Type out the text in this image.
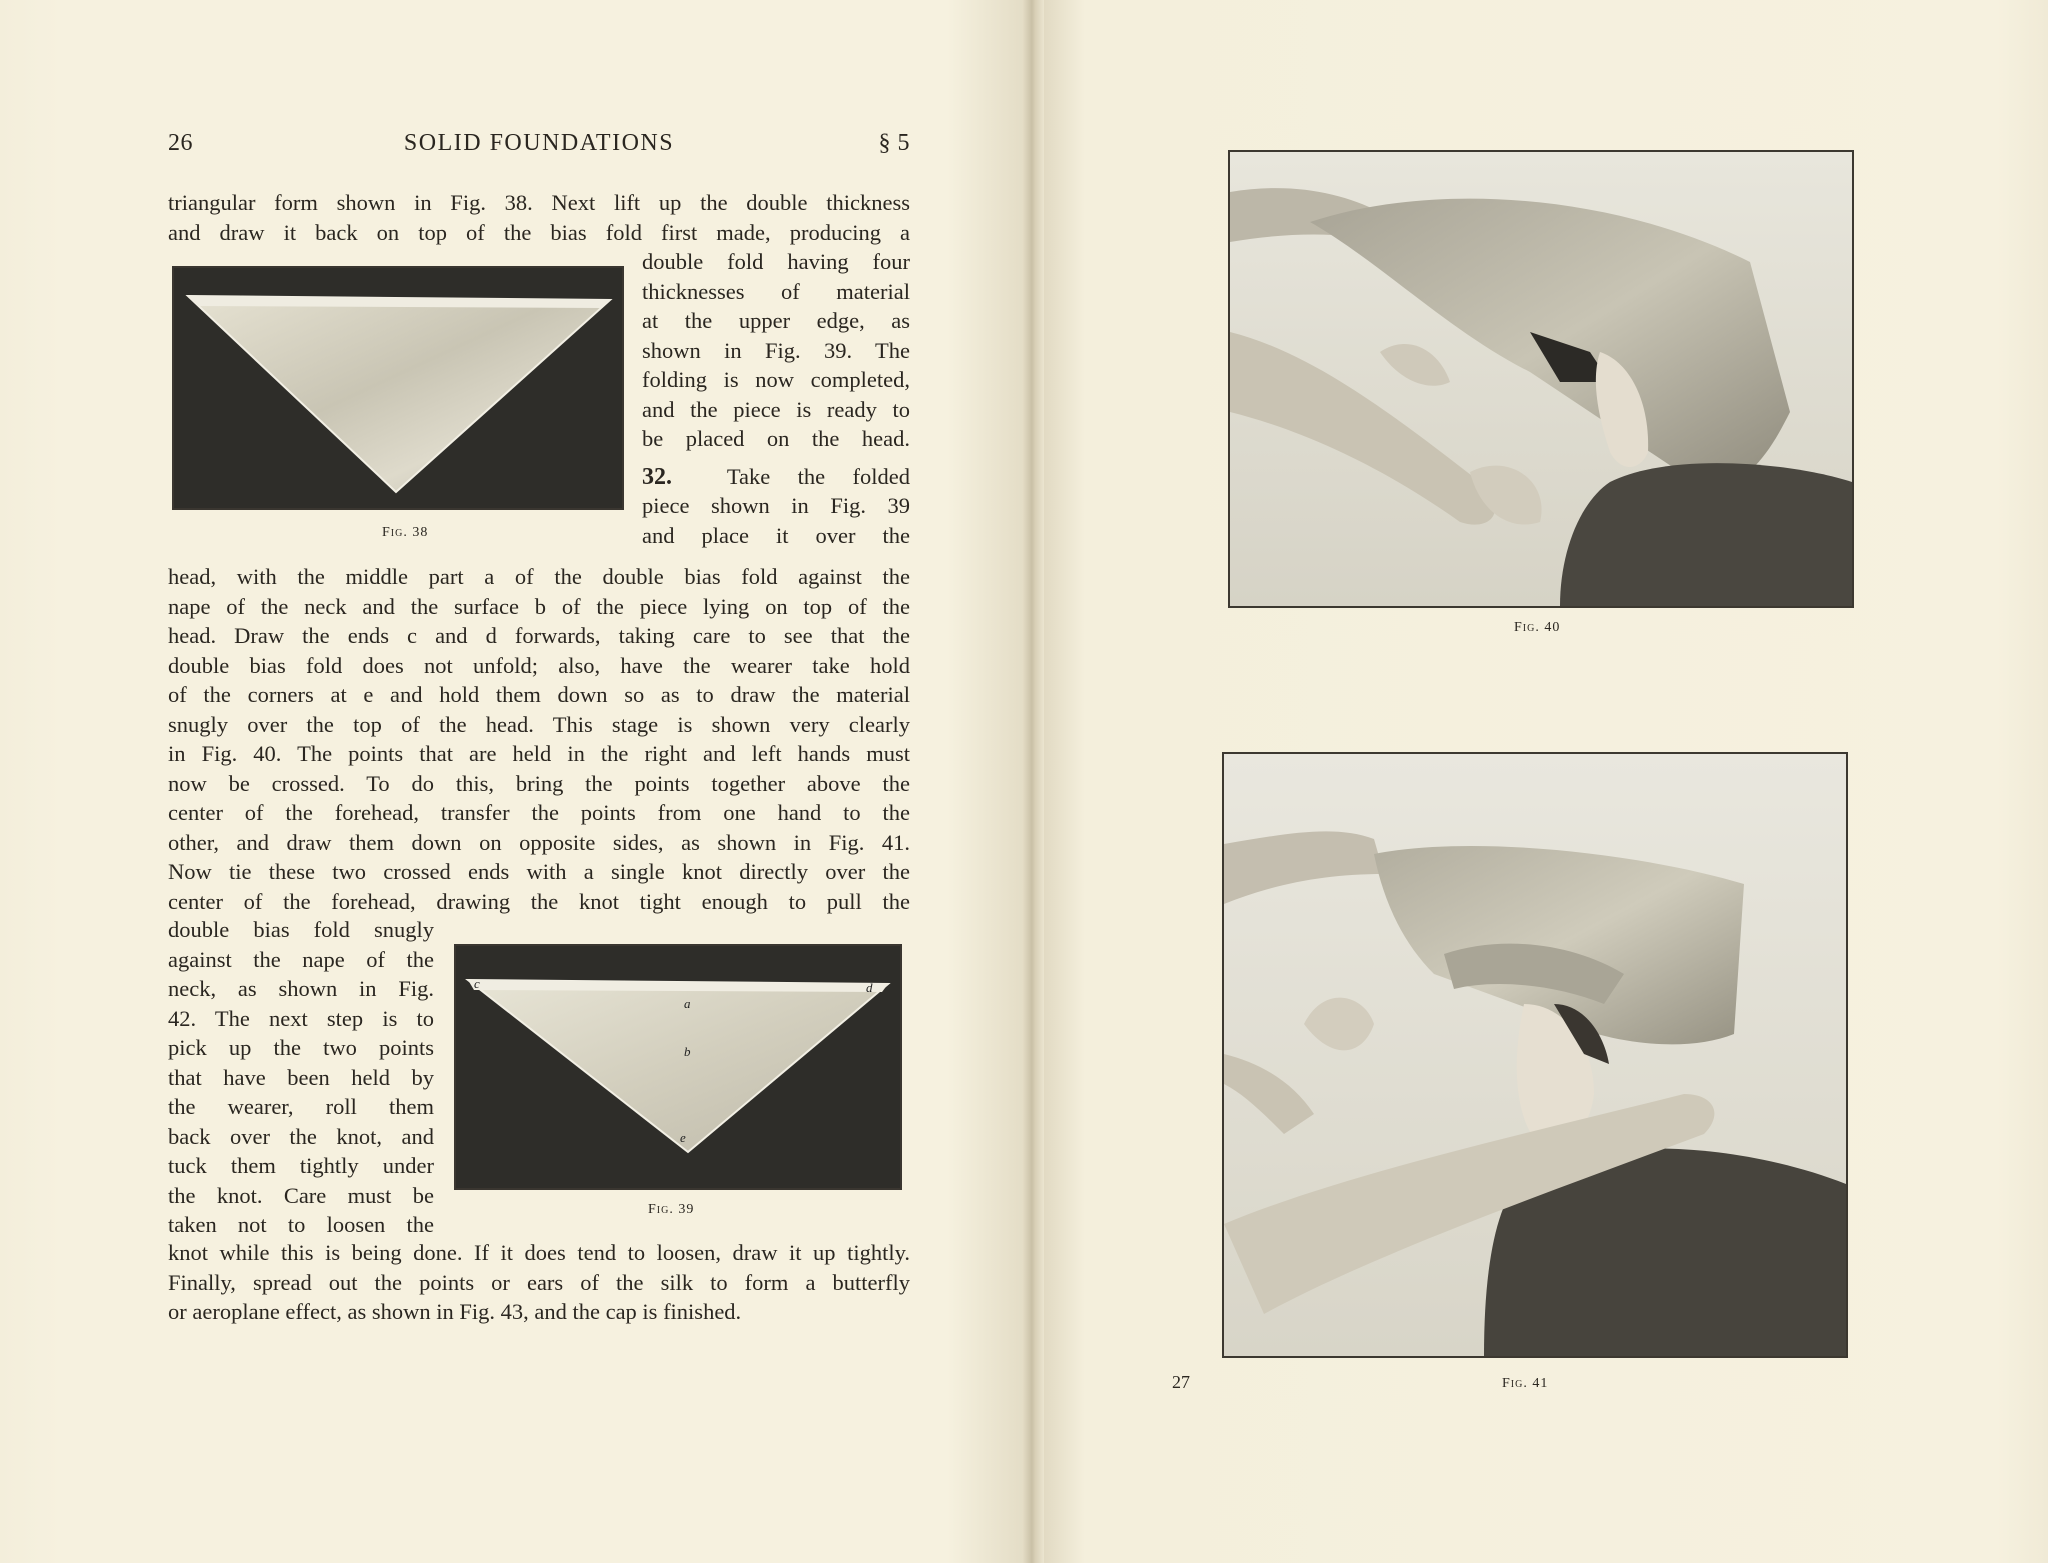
26	SOLID FOUNDATIONS	§ 5
triangular form shown in Fig. 38. Next lift up the double thickness
and draw it back on top of the bias fold first made, producing a
Fig. 38
double fold having four
thicknesses of material
at the upper edge, as
shown in Fig. 39. The
folding is now completed,
and the piece is ready to
be placed on the head.
32. Take the folded
piece shown in Fig. 39
and place it over the
head, with the middle part a of the double bias fold against the
nape of the neck and the surface b of the piece lying on top of the
head. Draw the ends c and d forwards, taking care to see that the
double bias fold does not unfold; also, have the wearer take hold
of the corners at e and hold them down so as to draw the material
snugly over the top of the head. This stage is shown very clearly
in Fig. 40. The points that are held in the right and left hands must
now be crossed. To do this, bring the points together above the
center of the forehead, transfer the points from one hand to the
other, and draw them down on opposite sides, as shown in Fig. 41.
Now tie these two crossed ends with a single knot directly over the
center of the forehead, drawing the knot tight enough to pull the
double bias fold snugly
against the nape of the
neck, as shown in Fig.
42. The next step is to
pick up the two points
that have been held by
the wearer, roll them
back over the knot, and
tuck them tightly under
the knot. Care must be
taken not to loosen the
c
a
d
b
e
Fig. 39
knot while this is being done. If it does tend to loosen, draw it up tightly.
Finally, spread out the points or ears of the silk to form a butterfly
or aeroplane effect, as shown in Fig. 43, and the cap is finished.
Fig. 40
27	Fig. 41
